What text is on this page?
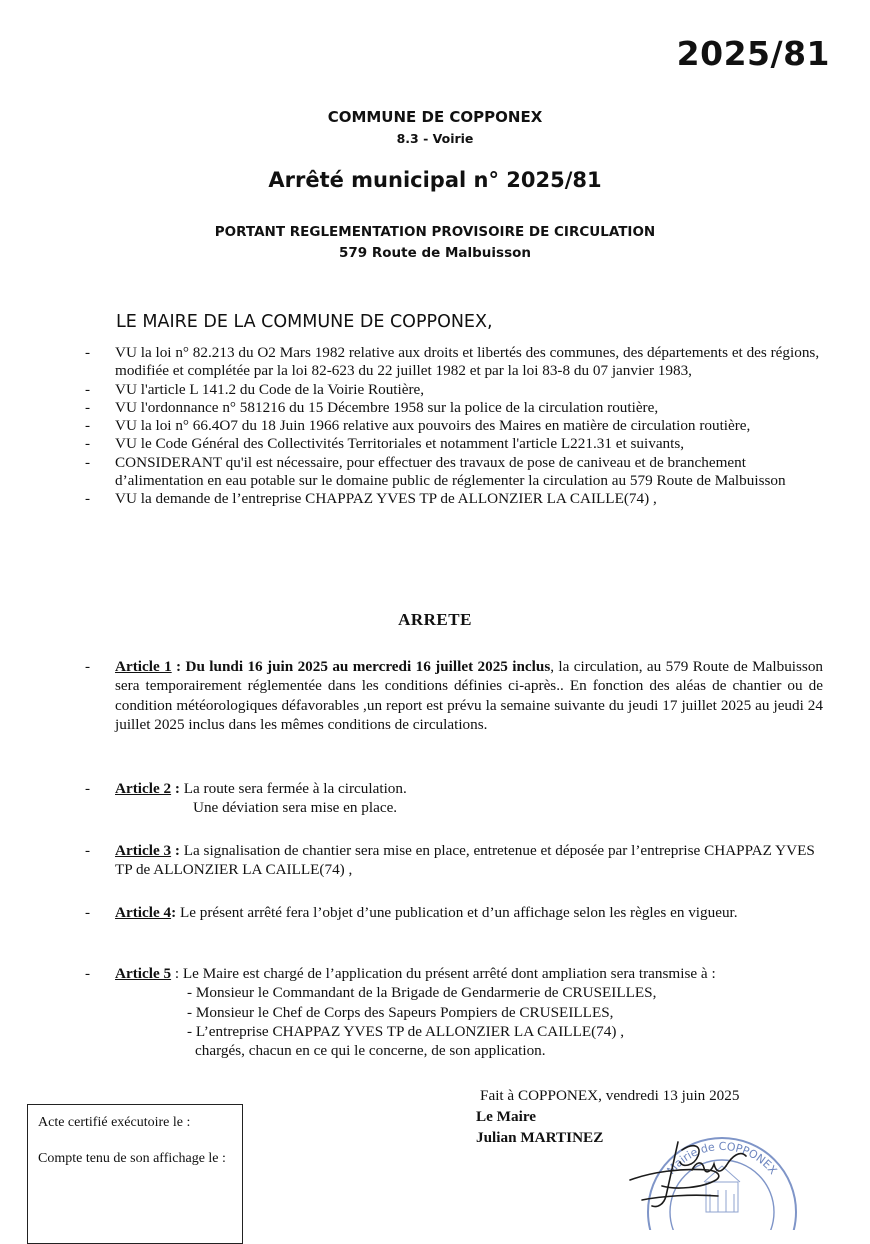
2025/81
COMMUNE DE COPPONEX
8.3 - Voirie
Arrêté municipal n° 2025/81
PORTANT REGLEMENTATION PROVISOIRE DE CIRCULATION
579 Route de Malbuisson
LE MAIRE DE LA COMMUNE DE COPPONEX,
-	VU la loi n° 82.213 du O2 Mars 1982 relative aux droits et libertés des communes, des départements et des régions, modifiée et complétée par la loi 82-623 du 22 juillet 1982 et par la loi 83-8 du 07 janvier 1983,
-	VU l'article L 141.2 du Code de la Voirie Routière,
-	VU l'ordonnance n° 581216 du 15 Décembre 1958 sur la police de la circulation routière,
-	VU la loi n° 66.4O7 du 18 Juin 1966 relative aux pouvoirs des Maires en matière de circulation routière,
-	VU le Code Général des Collectivités Territoriales et notamment l'article L221.31 et suivants,
-	CONSIDERANT qu'il est nécessaire, pour effectuer des travaux de pose de caniveau et de branchement d’alimentation en eau potable sur le domaine public de réglementer la circulation au 579 Route de Malbuisson
-	VU la demande de l’entreprise CHAPPAZ YVES TP de ALLONZIER LA CAILLE(74) ,
ARRETE
-	Article 1 : Du lundi 16 juin 2025 au mercredi 16 juillet 2025 inclus, la circulation, au 579 Route de Malbuisson sera temporairement réglementée dans les conditions définies ci-après.. En fonction des aléas de chantier ou de condition météorologiques défavorables ,un report est prévu la semaine suivante du jeudi 17 juillet 2025 au jeudi 24 juillet 2025 inclus dans les mêmes conditions de circulations.
-	Article 2 : La route sera fermée à la circulation.
Une déviation sera mise en place.
-	Article 3 : La signalisation de chantier sera mise en place, entretenue et déposée par l’entreprise CHAPPAZ YVES TP de ALLONZIER LA CAILLE(74) ,
-	Article 4: Le présent arrêté fera l’objet d’une publication et d’un affichage selon les règles en vigueur.
-	Article 5 : Le Maire est chargé de l’application du présent arrêté dont ampliation sera transmise à :
- Monsieur le Commandant de la Brigade de Gendarmerie de CRUSEILLES,
- Monsieur le Chef de Corps des Sapeurs Pompiers de CRUSEILLES,
- L’entreprise CHAPPAZ YVES TP de ALLONZIER LA CAILLE(74) ,
chargés, chacun en ce qui le concerne, de son application.
Fait à COPPONEX, vendredi 13 juin 2025
Le Maire
Julian MARTINEZ
Acte certifié exécutoire le :
Compte tenu de son affichage le :
Mairie de COPPONEX
